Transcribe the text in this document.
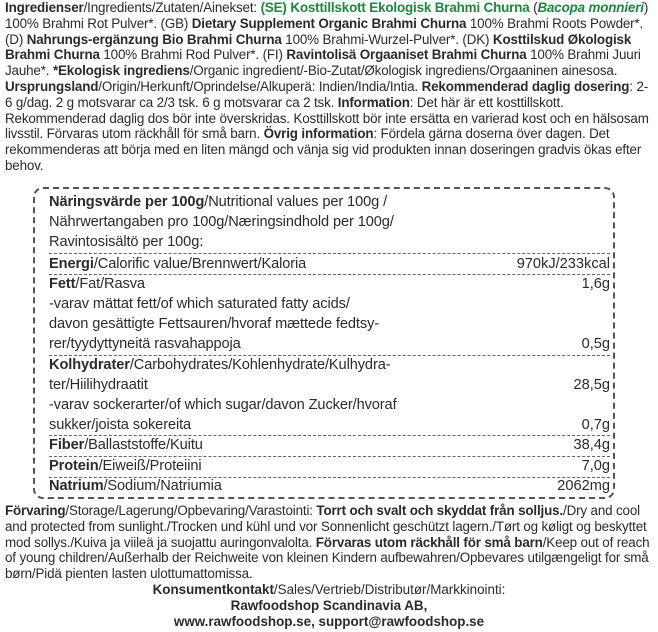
Ingredienser/Ingredients/Zutaten/Ainekset: (SE) Kosttillskott Ekologisk Brahmi Churna (Bacopa monnieri) 100% Brahmi Rot Pulver*. (GB) Dietary Supplement Organic Brahmi Churna 100% Brahmi Roots Powder*. (D) Nahrungs-ergänzung Bio Brahmi Churna 100% Brahmi-Wurzel-Pulver*. (DK) Kosttilskud Økologisk Brahmi Churna 100% Brahmi Rod Pulver*. (FI) Ravintolisä Orgaaniset Brahmi Churna 100% Brahmi Juuri Jauhe*. *Ekologisk ingrediens/Organic ingredient/-Bio-Zutat/Økologisk ingrediens/Orgaaninen ainesosa. Ursprungsland/Origin/Herkunft/Oprindelse/Alkuperä: Indien/India/Intia. Rekommenderad daglig dosering: 2-6 g/dag. 2 g motsvarar ca 2/3 tsk. 6 g motsvarar ca 2 tsk. Information: Det här är ett kosttillskott. Rekommenderad daglig dos bör inte överskridas. Kosttillskott bör inte ersätta en varierad kost och en hälsosam livsstil. Förvaras utom räckhåll för små barn. Övrig information: Fördela gärna doserna över dagen. Det rekommenderas att börja med en liten mängd och vänja sig vid produkten innan doseringen gradvis ökas efter behov.
Näringsvärde per 100g/Nutritional values per 100g /
Nährwertangaben pro 100g/Næringsindhold per 100g/
Ravintosisältö per 100g:
Energi/Calorific value/Brennwert/Kaloria	970kJ/233kcal
Fett/Fat/Rasva	1,6g
-varav mättat fett/of which saturated fatty acids/
davon gesättigte Fettsauren/hvoraf mættede fedtsy-
rer/tyydyttyneitä rasvahappoja	0,5g
Kolhydrater/Carbohydrates/Kohlenhydrate/Kulhydra-
ter/Hiilihydraatit	28,5g
-varav sockerarter/of which sugar/davon Zucker/hvoraf
sukker/joista sokereita	0,7g
Fiber/Ballaststoffe/Kuitu	38,4g
Protein/Eiweiß/Proteiini	7,0g
Natrium/Sodium/Natriumia	2062mg
Förvaring/Storage/Lagerung/Opbevaring/Varastointi: Torrt och svalt och skyddat från solljus./Dry and cool and protected from sunlight./Trocken und kühl und vor Sonnenlicht geschützt lagern./Tørt og køligt og beskyttet mod sollys./Kuiva ja viileä ja suojattu auringonvalolta. Förvaras utom räckhåll för små barn/Keep out of reach of young children/Außerhalb der Reichweite von kleinen Kindern aufbewahren/Opbevares utilgængeligt for små børn/Pidä pienten lasten ulottumattomissa.
Konsumentkontakt/Sales/Vertrieb/Distributør/Markkinointi:
Rawfoodshop Scandinavia AB,
www.rawfoodshop.se, support@rawfoodshop.se
